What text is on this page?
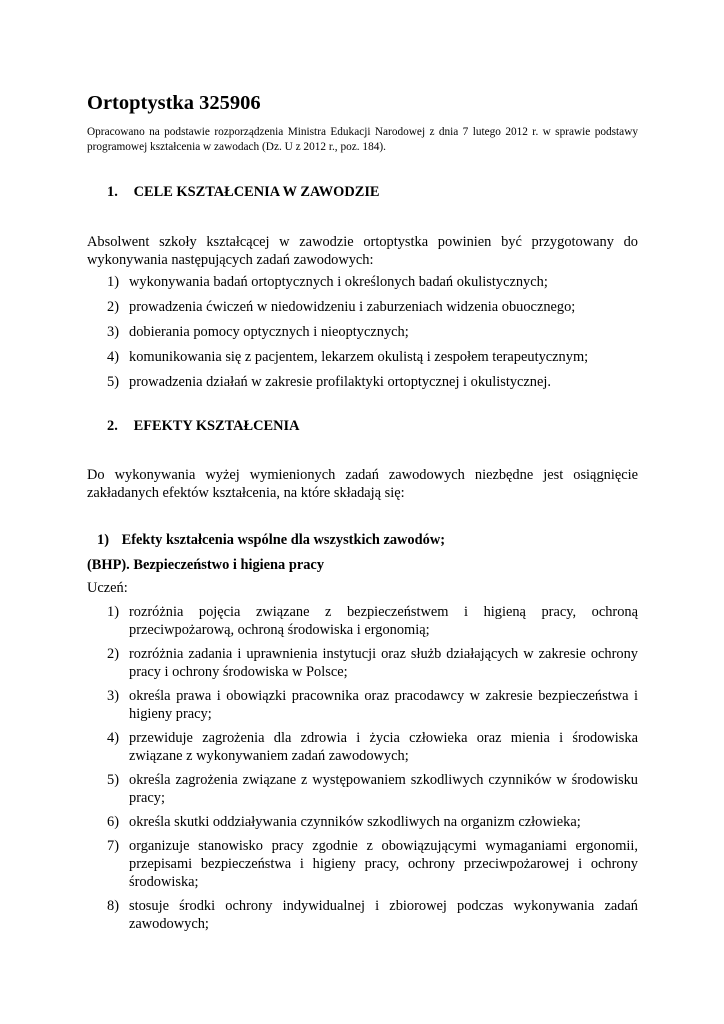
Ortoptystka 325906

Opracowano na podstawie rozporządzenia Ministra Edukacji Narodowej z dnia 7 lutego 2012 r. w sprawie podstawy programowej kształcenia w zawodach (Dz. U z 2012 r., poz. 184).

1. CELE KSZTAŁCENIA W ZAWODZIE

Absolwent szkoły kształcącej w zawodzie ortoptystka powinien być przygotowany do wykonywania następujących zadań zawodowych:

1) wykonywania badań ortoptycznych i określonych badań okulistycznych;
2) prowadzenia ćwiczeń w niedowidzeniu i zaburzeniach widzenia obuocznego;
3) dobierania pomocy optycznych i nieoptycznych;
4) komunikowania się z pacjentem, lekarzem okulistą i zespołem terapeutycznym;
5) prowadzenia działań w zakresie profilaktyki ortoptycznej i okulistycznej.

2. EFEKTY KSZTAŁCENIA

Do wykonywania wyżej wymienionych zadań zawodowych niezbędne jest osiągnięcie zakładanych efektów kształcenia, na które składają się:

1) Efekty kształcenia wspólne dla wszystkich zawodów;

(BHP). Bezpieczeństwo i higiena pracy

Uczeń:

1) rozróżnia pojęcia związane z bezpieczeństwem i higieną pracy, ochroną przeciwpożarową, ochroną środowiska i ergonomią;
2) rozróżnia zadania i uprawnienia instytucji oraz służb działających w zakresie ochrony pracy i ochrony środowiska w Polsce;
3) określa prawa i obowiązki pracownika oraz pracodawcy w zakresie bezpieczeństwa i higieny pracy;
4) przewiduje zagrożenia dla zdrowia i życia człowieka oraz mienia i środowiska związane z wykonywaniem zadań zawodowych;
5) określa zagrożenia związane z występowaniem szkodliwych czynników w środowisku pracy;
6) określa skutki oddziaływania czynników szkodliwych na organizm człowieka;
7) organizuje stanowisko pracy zgodnie z obowiązującymi wymaganiami ergonomii, przepisami bezpieczeństwa i higieny pracy, ochrony przeciwpożarowej i ochrony środowiska;
8) stosuje środki ochrony indywidualnej i zbiorowej podczas wykonywania zadań zawodowych;
